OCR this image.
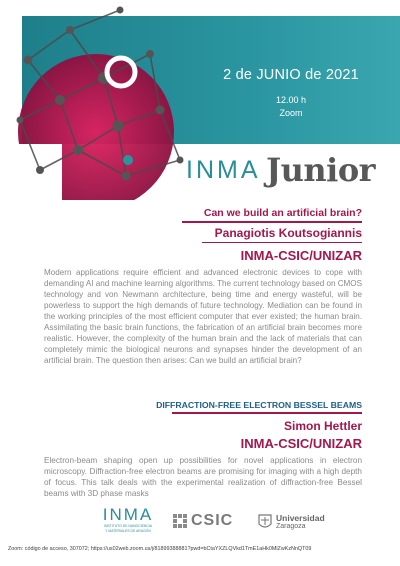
2 de JUNIO de 2021
12.00 h
Zoom
INMA Junior
Can we build an artificial brain?
Panagiotis Koutsogiannis
INMA-CSIC/UNIZAR

Modern applications require efficient and advanced electronic devices to cope with demanding AI and machine learning algorithms. The current technology based on CMOS technology and von Newmann architecture, being time and energy wasteful, will be powerless to support the high demands of future technology. Mediation can be found in the working principles of the most efficient computer that ever existed; the human brain. Assimilating the basic brain functions, the fabrication of an artificial brain becomes more realistic. However, the complexity of the human brain and the lack of materials that can completely mimic the biological neurons and synapses hinder the development of an artificial brain. The question then arises: Can we build an artificial brain?

DIFFRACTION-FREE ELECTRON BESSEL BEAMS
Simon Hettler
INMA-CSIC/UNIZAR

Electron-beam shaping open up possibilities for novel applications in electron microscopy. Diffraction-free electron beams are promising for imaging with a high depth of focus. This talk deals with the experimental realization of diffraction-free Bessel beams with 3D phase masks

INMA
INSTITUTO DE NANOCIENCIA
Y MATERIALES DE ARAGÓN
CSIC	Universidad
Zaragoza
Zoom: código de acceso, 307072; https://us02web.zoom.us/j/81899388881?pwd=bCtaYXZLQVkd1TmE1aHk0MlZwKzNnQT09
